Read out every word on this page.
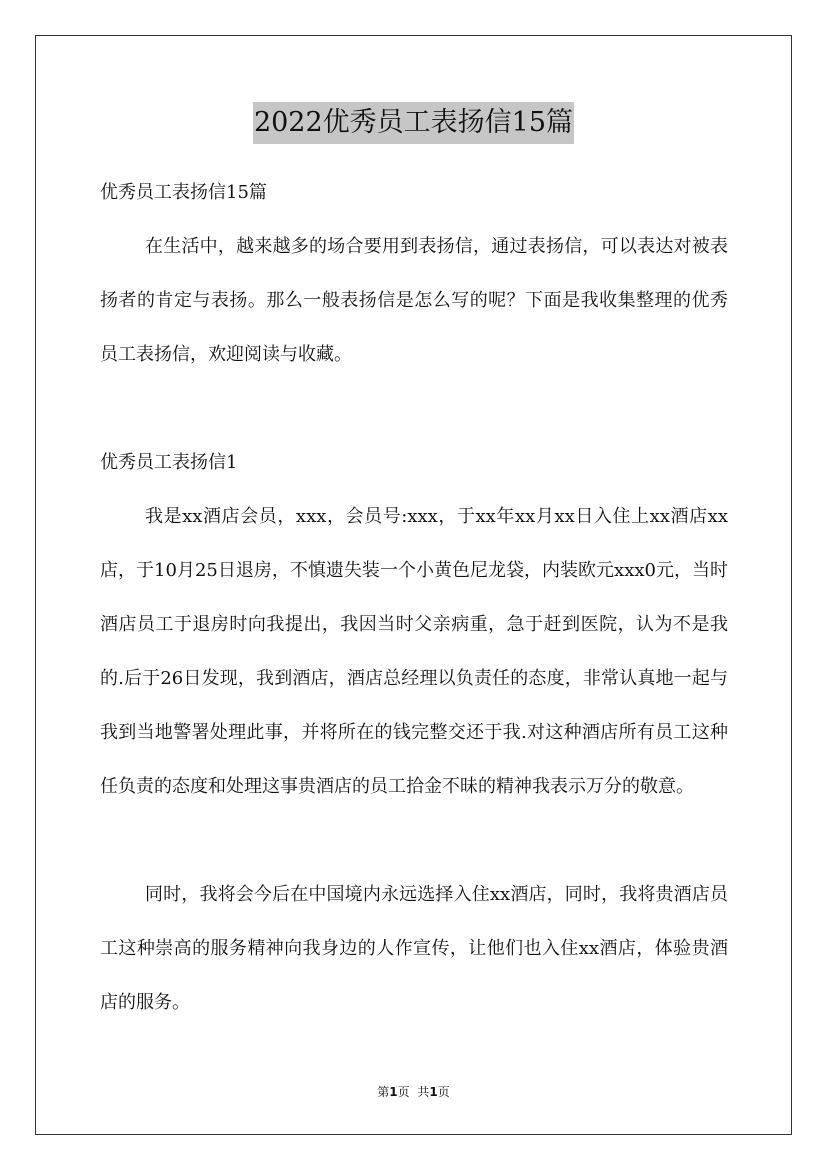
2022优秀员工表扬信15篇

优秀员工表扬信15篇

在生活中，越来越多的场合要用到表扬信，通过表扬信，可以表达对被表扬者的肯定与表扬。那么一般表扬信是怎么写的呢？下面是我收集整理的优秀员工表扬信，欢迎阅读与收藏。

优秀员工表扬信1

我是xx酒店会员，xxx，会员号:xxx，于xx年xx月xx日入住上xx酒店xx店，于10月25日退房，不慎遗失装一个小黄色尼龙袋，内装欧元xxx0元，当时酒店员工于退房时向我提出，我因当时父亲病重，急于赶到医院，认为不是我的.后于26日发现，我到酒店，酒店总经理以负责任的态度，非常认真地一起与我到当地警署处理此事，并将所在的钱完整交还于我.对这种酒店所有员工这种任负责的态度和处理这事贵酒店的员工拾金不昧的精神我表示万分的敬意。

同时，我将会今后在中国境内永远选择入住xx酒店，同时，我将贵酒店员工这种崇高的服务精神向我身边的人作宣传，让他们也入住xx酒店，体验贵酒店的服务。

第1页 共1页
